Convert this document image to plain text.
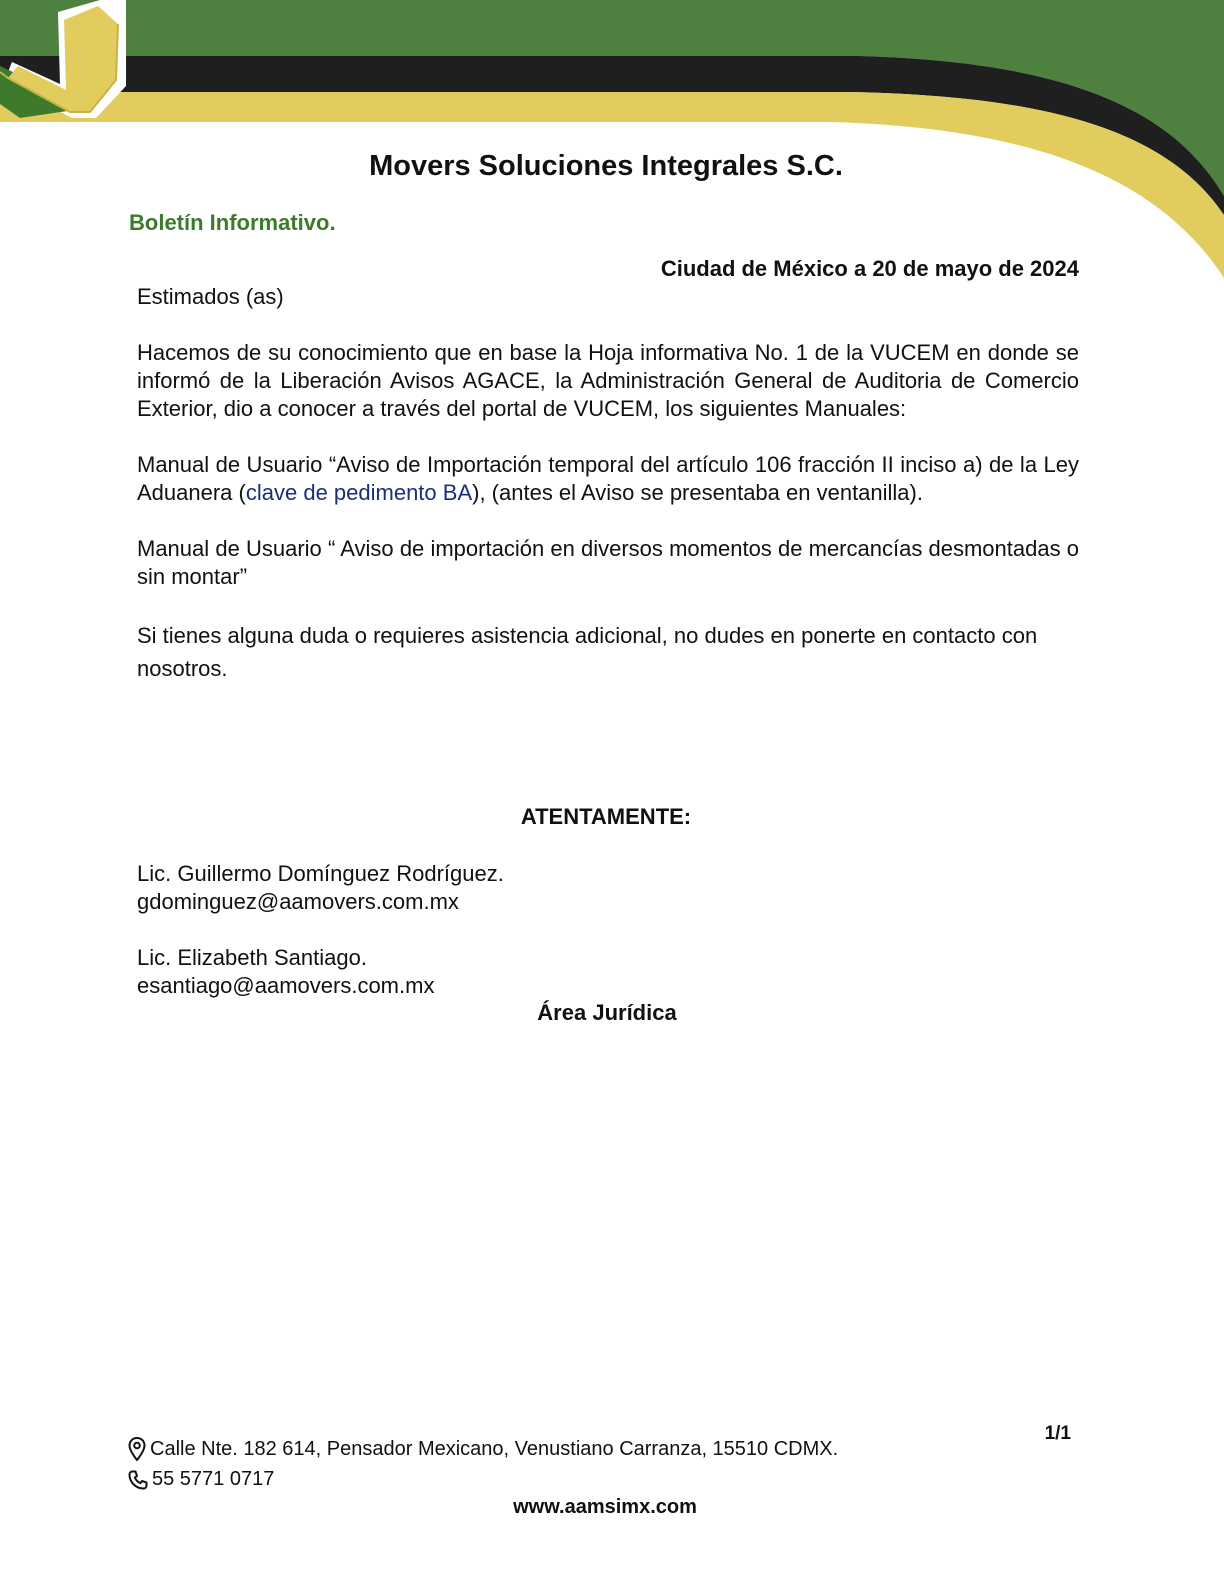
Movers Soluciones Integrales S.C.
Boletín Informativo.
Ciudad de México a 20 de mayo de 2024

Estimados (as)

Hacemos de su conocimiento que en base la Hoja informativa No. 1 de la VUCEM en donde se informó de la Liberación Avisos AGACE, la Administración General de Auditoria de Comercio Exterior, dio a conocer a través del portal de VUCEM, los siguientes Manuales:

Manual de Usuario “Aviso de Importación temporal del artículo 106 fracción II inciso a) de la Ley Aduanera (clave de pedimento BA), (antes el Aviso se presentaba en ventanilla).

Manual de Usuario “ Aviso de importación en diversos momentos de mercancías desmontadas o sin montar”

Si tienes alguna duda o requieres asistencia adicional, no dudes en ponerte en contacto con nosotros.

ATENTAMENTE:

Lic. Guillermo Domínguez Rodríguez.

gdominguez@aamovers.com.mx

Lic. Elizabeth Santiago.

esantiago@aamovers.com.mx

Área Jurídica
1/1
Calle Nte. 182 614, Pensador Mexicano, Venustiano Carranza, 15510 CDMX.
55 5771 0717
www.aamsimx.com
